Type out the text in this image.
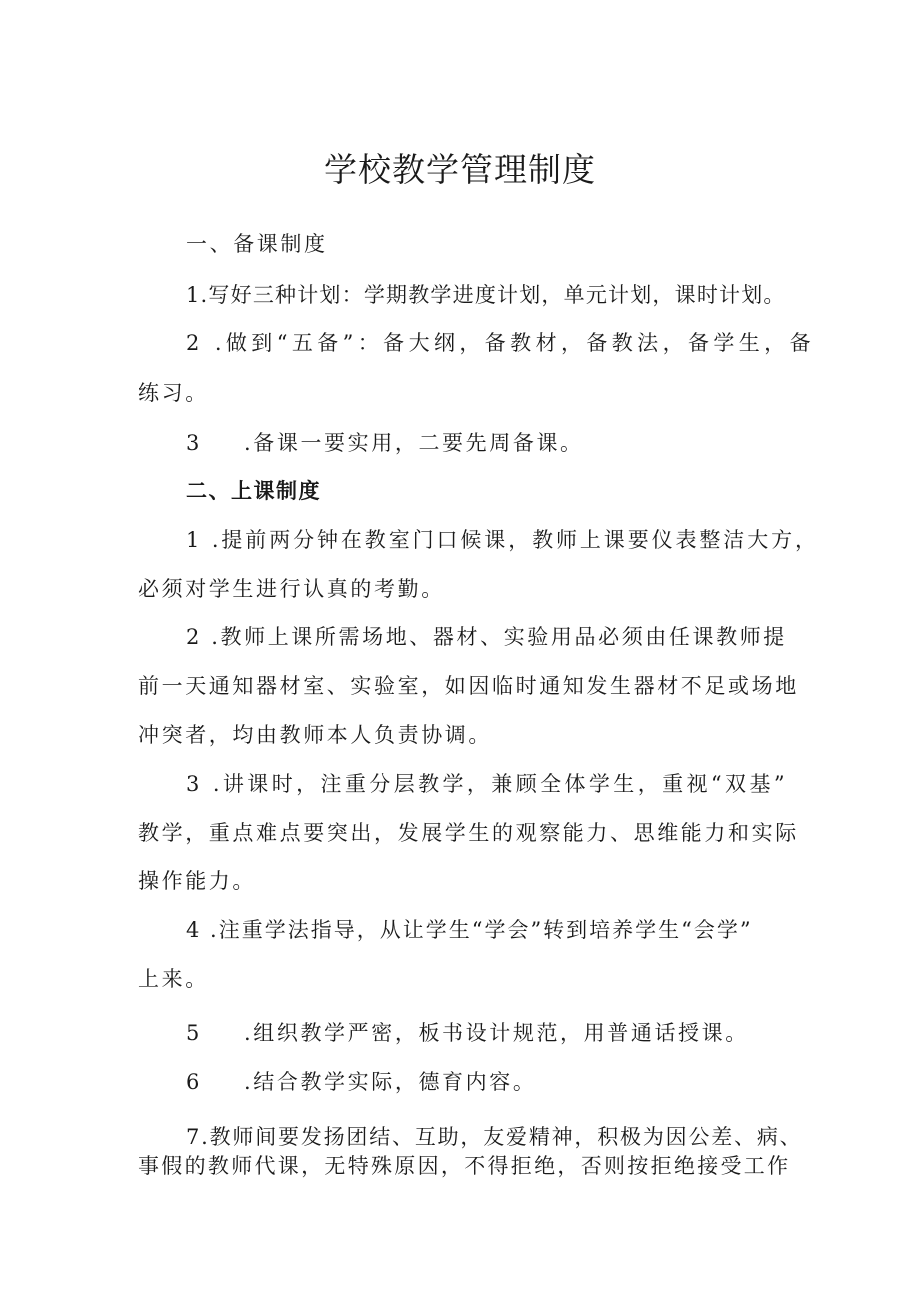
学校教学管理制度

一、备课制度

1.写好三种计划：学期教学进度计划，单元计划，课时计划。

2 .做到“五备”：备大纲，备教材，备教法，备学生，备

练习。

3 .备课一要实用，二要先周备课。

二、上课制度

1 .提前两分钟在教室门口候课，教师上课要仪表整洁大方，

必须对学生进行认真的考勤。

2 .教师上课所需场地、器材、实验用品必须由任课教师提

前一天通知器材室、实验室，如因临时通知发生器材不足或场地

冲突者，均由教师本人负责协调。

3 .讲课时，注重分层教学，兼顾全体学生，重视“双基”

教学，重点难点要突出，发展学生的观察能力、思维能力和实际

操作能力。

4 .注重学法指导，从让学生“学会”转到培养学生“会学”

上来。

5 .组织教学严密，板书设计规范，用普通话授课。

6 .结合教学实际，德育内容。

7.教师间要发扬团结、互助，友爱精神，积极为因公差、病、

事假的教师代课，无特殊原因，不得拒绝，否则按拒绝接受工作
